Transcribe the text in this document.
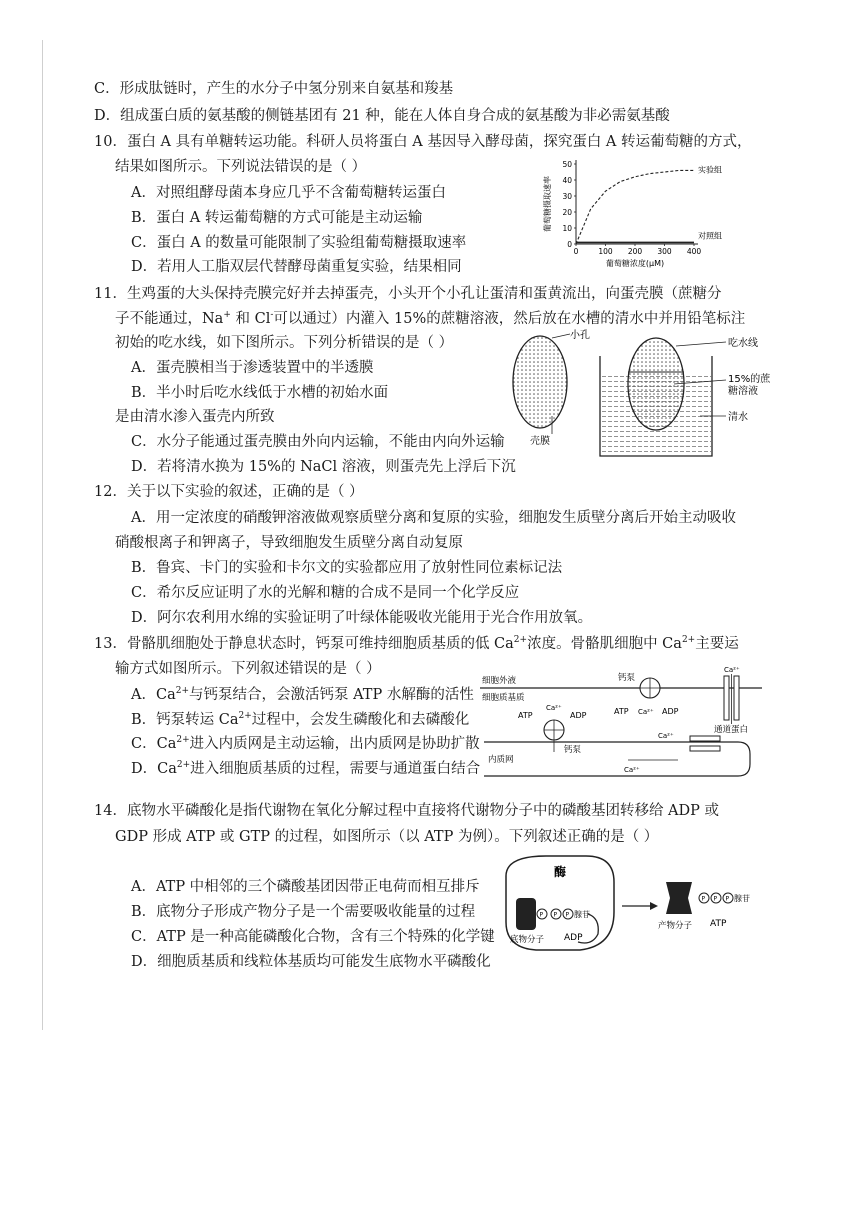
C．形成肽链时，产生的水分子中氢分别来自氨基和羧基
D．组成蛋白质的氨基酸的侧链基团有 21 种，能在人体自身合成的氨基酸为非必需氨基酸
10．蛋白 A 具有单糖转运功能。科研人员将蛋白 A 基因导入酵母菌，探究蛋白 A 转运葡萄糖的方式，
结果如图所示。下列说法错误的是（ ）
A．对照组酵母菌本身应几乎不含葡萄糖转运蛋白
B．蛋白 A 转运葡萄糖的方式可能是主动运输
C．蛋白 A 的数量可能限制了实验组葡萄糖摄取速率
D．若用人工脂双层代替酵母菌重复实验，结果相同
0
10
20
30
40
50
0	100 200 300 400
葡萄糖浓度(μM)
葡萄糖摄取速率
实验组
对照组
11．生鸡蛋的大头保持壳膜完好并去掉蛋壳，小头开个小孔让蛋清和蛋黄流出，向蛋壳膜（蔗糖分
子不能通过，Na+ 和 Cl-可以通过）内灌入 15%的蔗糖溶液，然后放在水槽的清水中并用铅笔标注
初始的吃水线，如下图所示。下列分析错误的是（ ）
A．蛋壳膜相当于渗透装置中的半透膜
B．半小时后吃水线低于水槽的初始水面
是由清水渗入蛋壳内所致
C．水分子能通过蛋壳膜由外向内运输，不能由内向外运输
D．若将清水换为 15%的 NaCl 溶液，则蛋壳先上浮后下沉
小孔
壳膜
吃水线
15%的蔗
糖溶液
清水
12．关于以下实验的叙述，正确的是（ ）
A．用一定浓度的硝酸钾溶液做观察质壁分离和复原的实验，细胞发生质壁分离后开始主动吸收
硝酸根离子和钾离子，导致细胞发生质壁分离自动复原
B．鲁宾、卡门的实验和卡尔文的实验都应用了放射性同位素标记法
C．希尔反应证明了水的光解和糖的合成不是同一个化学反应
D．阿尔农利用水绵的实验证明了叶绿体能吸收光能用于光合作用放氧。
13．骨骼肌细胞处于静息状态时，钙泵可维持细胞质基质的低 $Ca^{2+}$浓度。骨骼肌细胞中 $Ca^{2+}$主要运
输方式如图所示。下列叙述错误的是（ ）
A．$Ca^{2+}$与钙泵结合，会激活钙泵 ATP 水解酶的活性
B．钙泵转运 $Ca^{2+}$过程中，会发生磷酸化和去磷酸化
C．$Ca^{2+}$进入内质网是主动运输，出内质网是协助扩散
D．$Ca^{2+}$进入细胞质基质的过程，需要与通道蛋白结合
细胞外液
细胞质基质
钙泵
ATP Ca²⁺ ADP
Ca²⁺
通道蛋白
内质网
ATP
Ca²⁺
ADP
钙泵
Ca²⁺
Ca²⁺
14．底物水平磷酸化是指代谢物在氧化分解过程中直接将代谢物分子中的磷酸基团转移给 ADP 或
GDP 形成 ATP 或 GTP 的过程，如图所示（以 ATP 为例）。下列叙述正确的是（ ）
A．ATP 中相邻的三个磷酸基团因带正电荷而相互排斥
B．底物分子形成产物分子是一个需要吸收能量的过程
C．ATP 是一种高能磷酸化合物，含有三个特殊的化学键
D．细胞质基质和线粒体基质均可能发生底物水平磷酸化
酶
P P P 腺苷
底物分子 ADP
产物分子
P P P 腺苷
ATP
